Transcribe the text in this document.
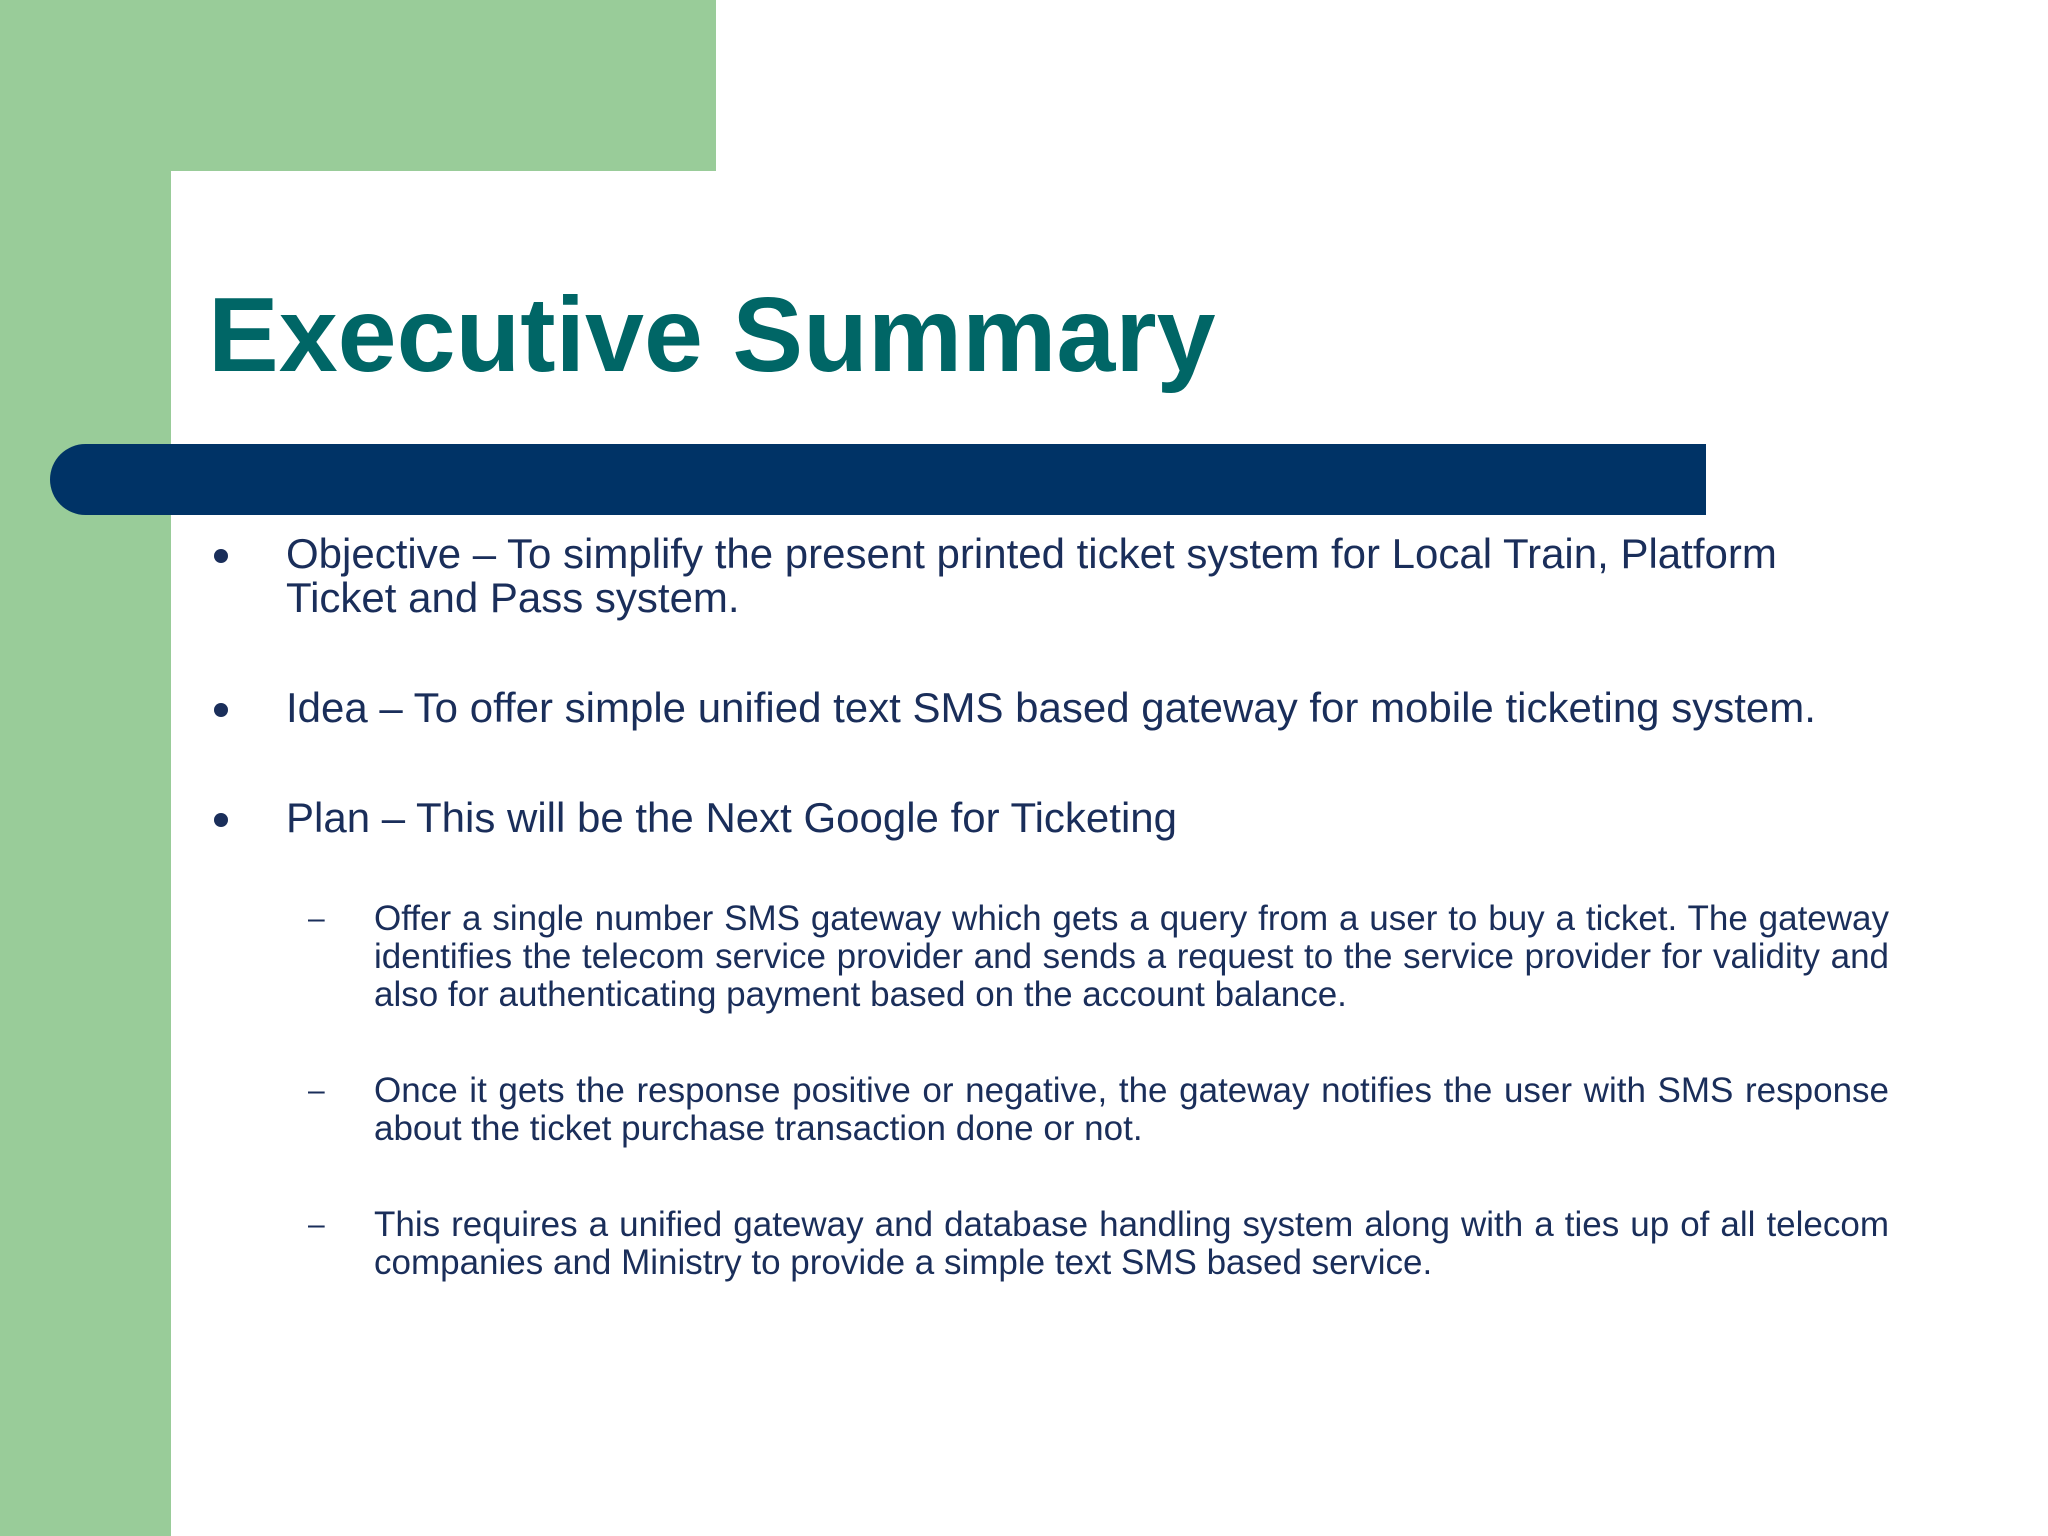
Executive Summary
Objective – To simplify the present printed ticket system for Local Train, Platform Ticket and Pass system.
Idea – To offer simple unified text SMS based gateway for mobile ticketing system.
Plan – This will be the Next Google for Ticketing
– Offer a single number SMS gateway which gets a query from a user to buy a ticket. The gateway identifies the telecom service provider and sends a request to the service provider for validity and also for authenticating payment based on the account balance.
– Once it gets the response positive or negative, the gateway notifies the user with SMS response about the ticket purchase transaction done or not.
– This requires a unified gateway and database handling system along with a ties up of all telecom companies and Ministry to provide a simple text SMS based service.
